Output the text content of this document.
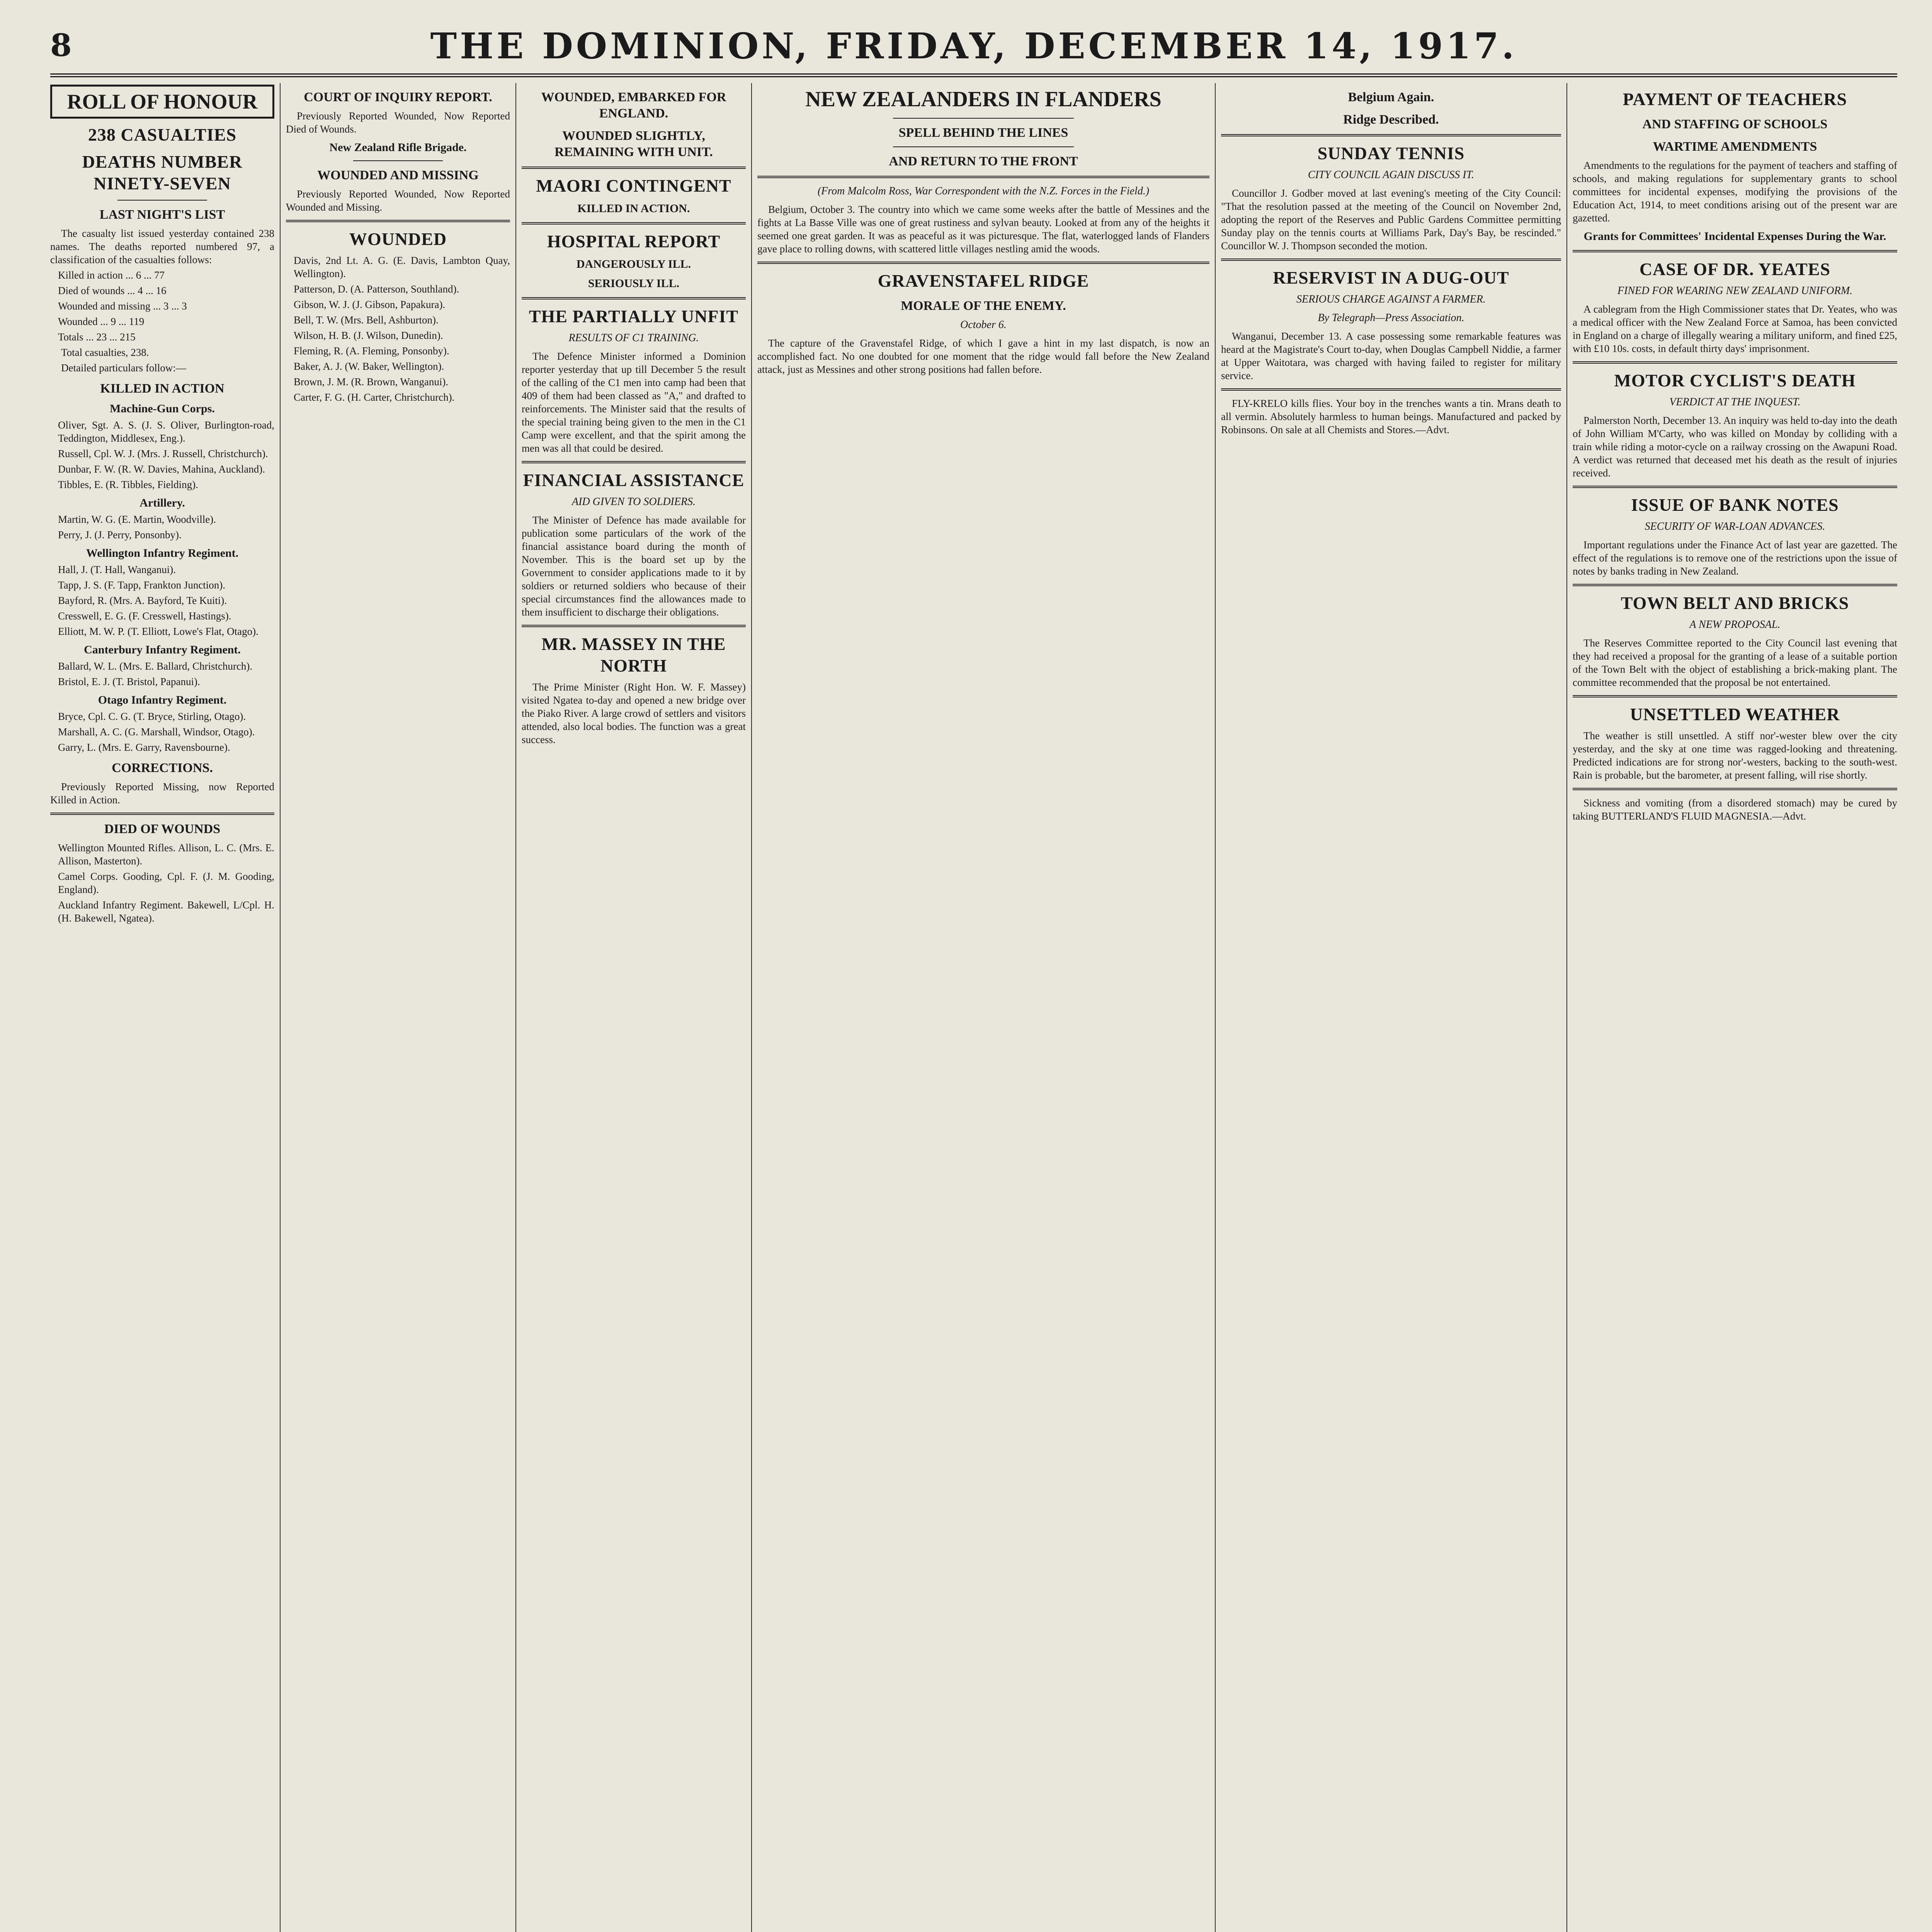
8	THE DOMINION, FRIDAY, DECEMBER 14, 1917.
ROLL OF HONOUR
238 CASUALTIES
DEATHS NUMBER NINETY-SEVEN
LAST NIGHT'S LIST

The casualty list issued yesterday contained 238 names. The deaths reported numbered 97, a classification of the casualties follows:

Killed in action ... 6 ... 77

Died of wounds ... 4 ... 16

Wounded and missing ... 3 ... 3

Wounded ... 9 ... 119

Totals ... 23 ... 215

Total casualties, 238.

Detailed particulars follow:—

KILLED IN ACTION
Machine-Gun Corps.

Oliver, Sgt. A. S. (J. S. Oliver, Burlington-road, Teddington, Middlesex, Eng.).

Russell, Cpl. W. J. (Mrs. J. Russell, Christchurch).

Dunbar, F. W. (R. W. Davies, Mahina, Auckland).

Tibbles, E. (R. Tibbles, Fielding).

Artillery.

Martin, W. G. (E. Martin, Woodville).

Perry, J. (J. Perry, Ponsonby).

Wellington Infantry Regiment.

Hall, J. (T. Hall, Wanganui).

Tapp, J. S. (F. Tapp, Frankton Junction).

Bayford, R. (Mrs. A. Bayford, Te Kuiti).

Cresswell, E. G. (F. Cresswell, Hastings).

Elliott, M. W. P. (T. Elliott, Lowe's Flat, Otago).

Canterbury Infantry Regiment.

Ballard, W. L. (Mrs. E. Ballard, Christchurch).

Bristol, E. J. (T. Bristol, Papanui).

Otago Infantry Regiment.

Bryce, Cpl. C. G. (T. Bryce, Stirling, Otago).

Marshall, A. C. (G. Marshall, Windsor, Otago).

Garry, L. (Mrs. E. Garry, Ravensbourne).

CORRECTIONS.

Previously Reported Missing, now Reported Killed in Action.

DIED OF WOUNDS

Wellington Mounted Rifles. Allison, L. C. (Mrs. E. Allison, Masterton).

Camel Corps. Gooding, Cpl. F. (J. M. Gooding, England).

Auckland Infantry Regiment. Bakewell, L/Cpl. H. (H. Bakewell, Ngatea).

COURT OF INQUIRY REPORT.

Previously Reported Wounded, Now Reported Died of Wounds.

New Zealand Rifle Brigade.
WOUNDED AND MISSING

Previously Reported Wounded, Now Reported Wounded and Missing.

WOUNDED

Davis, 2nd Lt. A. G. (E. Davis, Lambton Quay, Wellington).

Patterson, D. (A. Patterson, Southland).

Gibson, W. J. (J. Gibson, Papakura).

Bell, T. W. (Mrs. Bell, Ashburton).

Wilson, H. B. (J. Wilson, Dunedin).

Fleming, R. (A. Fleming, Ponsonby).

Baker, A. J. (W. Baker, Wellington).

Brown, J. M. (R. Brown, Wanganui).

Carter, F. G. (H. Carter, Christchurch).

WOUNDED, EMBARKED FOR ENGLAND.
WOUNDED SLIGHTLY, REMAINING WITH UNIT.
MAORI CONTINGENT
KILLED IN ACTION.
HOSPITAL REPORT
DANGEROUSLY ILL.
SERIOUSLY ILL.
THE PARTIALLY UNFIT
RESULTS OF C1 TRAINING.

The Defence Minister informed a Dominion reporter yesterday that up till December 5 the result of the calling of the C1 men into camp had been that 409 of them had been classed as "A," and drafted to reinforcements. The Minister said that the results of the special training being given to the men in the C1 Camp were excellent, and that the spirit among the men was all that could be desired.

FINANCIAL ASSISTANCE
AID GIVEN TO SOLDIERS.

The Minister of Defence has made available for publication some particulars of the work of the financial assistance board during the month of November. This is the board set up by the Government to consider applications made to it by soldiers or returned soldiers who because of their special circumstances find the allowances made to them insufficient to discharge their obligations.

MR. MASSEY IN THE NORTH

The Prime Minister (Right Hon. W. F. Massey) visited Ngatea to-day and opened a new bridge over the Piako River. A large crowd of settlers and visitors attended, also local bodies. The function was a great success.

NEW ZEALANDERS IN FLANDERS
SPELL BEHIND THE LINES
AND RETURN TO THE FRONT
(From Malcolm Ross, War Correspondent with the N.Z. Forces in the Field.)

Belgium, October 3. The country into which we came some weeks after the battle of Messines and the fights at La Basse Ville was one of great rustiness and sylvan beauty. Looked at from any of the heights it seemed one great garden. It was as peaceful as it was picturesque. The flat, waterlogged lands of Flanders gave place to rolling downs, with scattered little villages nestling amid the woods.

GRAVENSTAFEL RIDGE
MORALE OF THE ENEMY.
October 6.

The capture of the Gravenstafel Ridge, of which I gave a hint in my last dispatch, is now an accomplished fact. No one doubted for one moment that the ridge would fall before the New Zealand attack, just as Messines and other strong positions had fallen before.

Belgium Again.
Ridge Described.
SUNDAY TENNIS
CITY COUNCIL AGAIN DISCUSS IT.

Councillor J. Godber moved at last evening's meeting of the City Council: "That the resolution passed at the meeting of the Council on November 2nd, adopting the report of the Reserves and Public Gardens Committee permitting Sunday play on the tennis courts at Williams Park, Day's Bay, be rescinded." Councillor W. J. Thompson seconded the motion.

RESERVIST IN A DUG-OUT
SERIOUS CHARGE AGAINST A FARMER.
By Telegraph—Press Association.

Wanganui, December 13. A case possessing some remarkable features was heard at the Magistrate's Court to-day, when Douglas Campbell Niddie, a farmer at Upper Waitotara, was charged with having failed to register for military service.

FLY-KRELO kills flies. Your boy in the trenches wants a tin. Mrans death to all vermin. Absolutely harmless to human beings. Manufactured and packed by Robinsons. On sale at all Chemists and Stores.—Advt.

PAYMENT OF TEACHERS
AND STAFFING OF SCHOOLS
WARTIME AMENDMENTS

Amendments to the regulations for the payment of teachers and staffing of schools, and making regulations for supplementary grants to school committees for incidental expenses, modifying the provisions of the Education Act, 1914, to meet conditions arising out of the present war are gazetted.

Grants for Committees' Incidental Expenses During the War.
CASE OF DR. YEATES
FINED FOR WEARING NEW ZEALAND UNIFORM.

A cablegram from the High Commissioner states that Dr. Yeates, who was a medical officer with the New Zealand Force at Samoa, has been convicted in England on a charge of illegally wearing a military uniform, and fined £25, with £10 10s. costs, in default thirty days' imprisonment.

MOTOR CYCLIST'S DEATH
VERDICT AT THE INQUEST.

Palmerston North, December 13. An inquiry was held to-day into the death of John William M'Carty, who was killed on Monday by colliding with a train while riding a motor-cycle on a railway crossing on the Awapuni Road. A verdict was returned that deceased met his death as the result of injuries received.

ISSUE OF BANK NOTES
SECURITY OF WAR-LOAN ADVANCES.

Important regulations under the Finance Act of last year are gazetted. The effect of the regulations is to remove one of the restrictions upon the issue of notes by banks trading in New Zealand.

TOWN BELT AND BRICKS
A NEW PROPOSAL.

The Reserves Committee reported to the City Council last evening that they had received a proposal for the granting of a lease of a suitable portion of the Town Belt with the object of establishing a brick-making plant. The committee recommended that the proposal be not entertained.

UNSETTLED WEATHER

The weather is still unsettled. A stiff nor'-wester blew over the city yesterday, and the sky at one time was ragged-looking and threatening. Predicted indications are for strong nor'-westers, backing to the south-west. Rain is probable, but the barometer, at present falling, will rise shortly.

Sickness and vomiting (from a disordered stomach) may be cured by taking BUTTERLAND'S FLUID MAGNESIA.—Advt.
